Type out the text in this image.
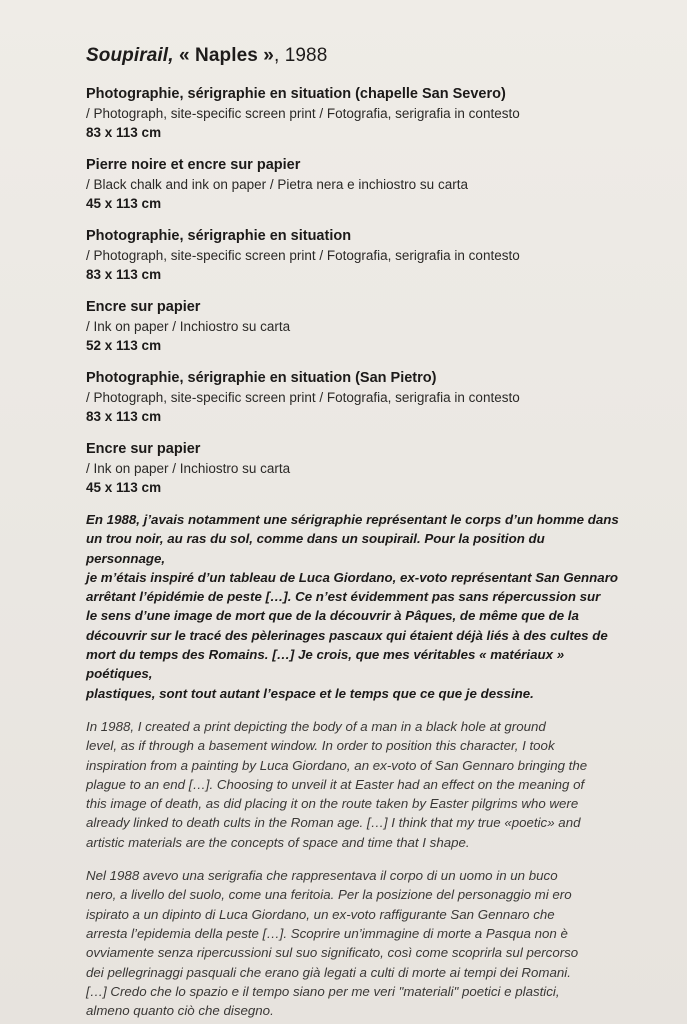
Soupirail, « Naples », 1988
Photographie, sérigraphie en situation (chapelle San Severo)
/ Photograph, site-specific screen print / Fotografia, serigrafia in contesto
83 x 113 cm
Pierre noire et encre sur papier
/ Black chalk and ink on paper / Pietra nera e inchiostro su carta
45 x 113 cm
Photographie, sérigraphie en situation
/ Photograph, site-specific screen print / Fotografia, serigrafia in contesto
83 x 113 cm
Encre sur papier
/ Ink on paper / Inchiostro su carta
52 x 113 cm
Photographie, sérigraphie en situation (San Pietro)
/ Photograph, site-specific screen print / Fotografia, serigrafia in contesto
83 x 113 cm
Encre sur papier
/ Ink on paper / Inchiostro su carta
45 x 113 cm
En 1988, j’avais notamment une sérigraphie représentant le corps d’un homme dans
un trou noir, au ras du sol, comme dans un soupirail. Pour la position du personnage,
je m’étais inspiré d’un tableau de Luca Giordano, ex-voto représentant San Gennaro
arrêtant l’épidémie de peste […]. Ce n’est évidemment pas sans répercussion sur
le sens d’une image de mort que de la découvrir à Pâques, de même que de la
découvrir sur le tracé des pèlerinages pascaux qui étaient déjà liés à des cultes de
mort du temps des Romains. […] Je crois, que mes véritables « matériaux » poétiques,
plastiques, sont tout autant l’espace et le temps que ce que je dessine.
In 1988, I created a print depicting the body of a man in a black hole at ground
level, as if through a basement window. In order to position this character, I took
inspiration from a painting by Luca Giordano, an ex-voto of San Gennaro bringing the
plague to an end […]. Choosing to unveil it at Easter had an effect on the meaning of
this image of death, as did placing it on the route taken by Easter pilgrims who were
already linked to death cults in the Roman age. […] I think that my true «poetic» and
artistic materials are the concepts of space and time that I shape.
Nel 1988 avevo una serigrafia che rappresentava il corpo di un uomo in un buco
nero, a livello del suolo, come una feritoia. Per la posizione del personaggio mi ero
ispirato a un dipinto di Luca Giordano, un ex-voto raffigurante San Gennaro che
arresta l’epidemia della peste […]. Scoprire un’immagine di morte a Pasqua non è
ovviamente senza ripercussioni sul suo significato, così come scoprirla sul percorso
dei pellegrinaggi pasquali che erano già legati a culti di morte ai tempi dei Romani.
[…] Credo che lo spazio e il tempo siano per me veri "materiali" poetici e plastici,
almeno quanto ciò che disegno.
